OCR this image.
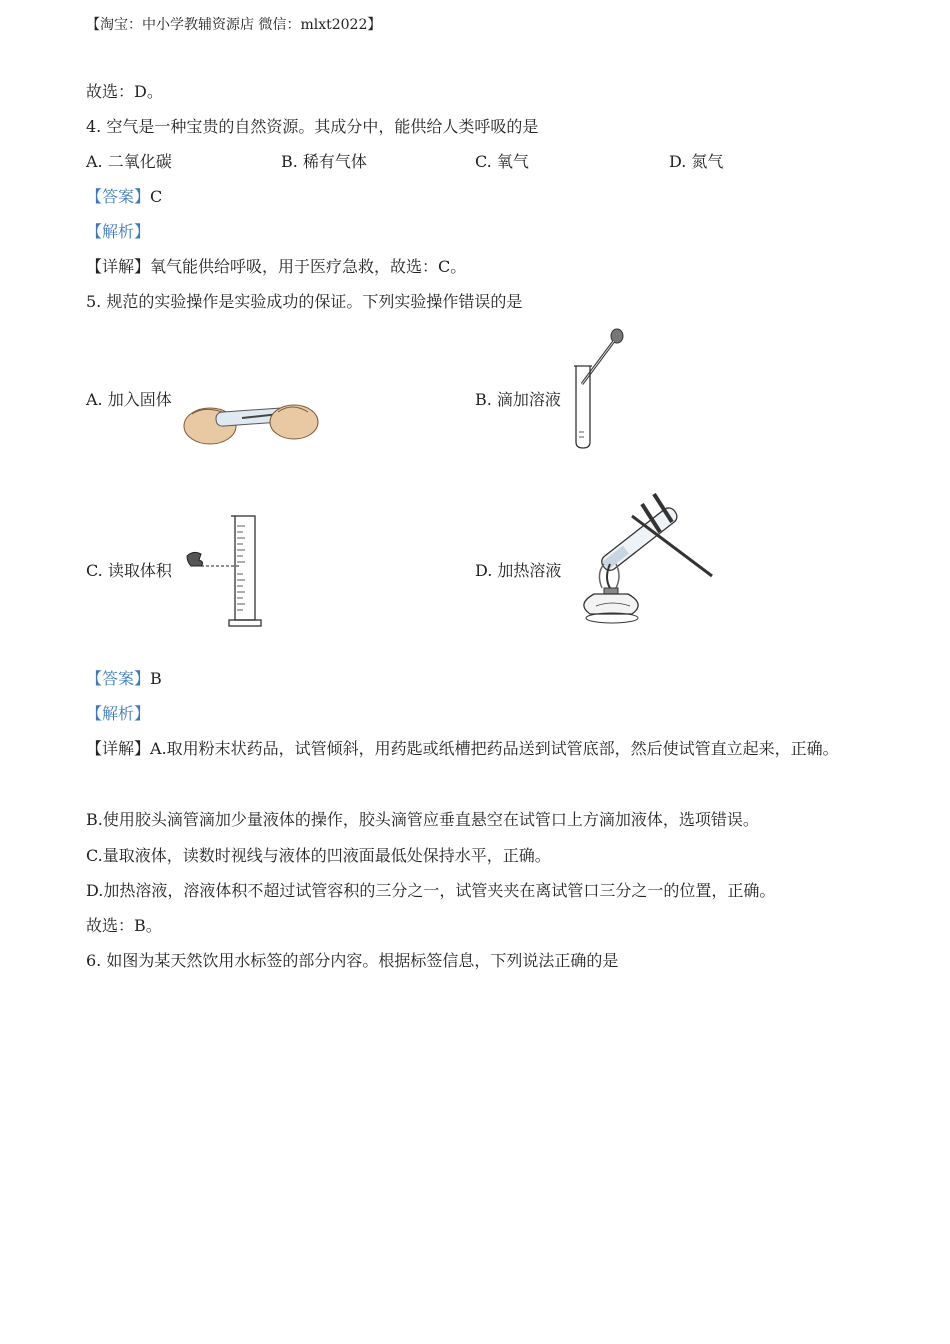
【淘宝：中小学教辅资源店 微信：mlxt2022】
故选：D。
4. 空气是一种宝贵的自然资源。其成分中，能供给人类呼吸的是
A. 二氧化碳	B. 稀有气体	C. 氧气	D. 氮气
【答案】C
【解析】
【详解】氧气能供给呼吸，用于医疗急救，故选：C。
5. 规范的实验操作是实验成功的保证。下列实验操作错误的是
A. 加入固体	B. 滴加溶液
C. 读取体积	D. 加热溶液
【答案】B
【解析】
【详解】A.取用粉末状药品，试管倾斜，用药匙或纸槽把药品送到试管底部，然后使试管直立起来，正确。
B.使用胶头滴管滴加少量液体的操作，胶头滴管应垂直悬空在试管口上方滴加液体，选项错误。
C.量取液体，读数时视线与液体的凹液面最低处保持水平，正确。
D.加热溶液，溶液体积不超过试管容积的三分之一，试管夹夹在离试管口三分之一的位置，正确。
故选：B。
6. 如图为某天然饮用水标签的部分内容。根据标签信息，下列说法正确的是
